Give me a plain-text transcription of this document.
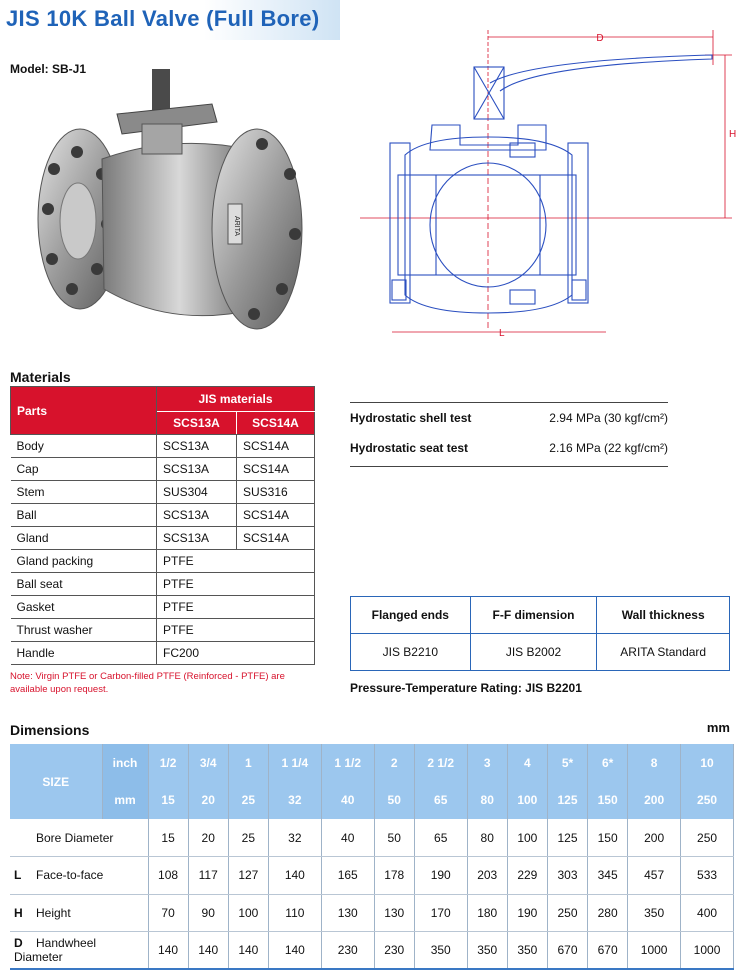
JIS 10K Ball Valve (Full Bore)
Model: SB-J1
ARITA
D
H
L
Materials
Parts	JIS materials	
	SCS13A	SCS14A
Body	SCS13A	SCS14A
Cap	SCS13A	SCS14A
Stem	SUS304	SUS316
Ball	SCS13A	SCS14A
Gland	SCS13A	SCS14A
Gland packing	PTFE	
Ball seat	PTFE	
Gasket	PTFE	
Thrust washer	PTFE	
Handle	FC200	
Note: Virgin PTFE or Carbon-filled PTFE (Reinforced - PTFE) are available upon request.
Hydrostatic shell test	2.94 MPa (30 kgf/cm²)
Hydrostatic seat test	2.16 MPa (22 kgf/cm²)
Flanged ends	F-F dimension	Wall thickness
JIS B2210	JIS B2002	ARITA Standard
Pressure-Temperature Rating: JIS B2201
Dimensions	mm
SIZE	inch	1/2	3/4	1	1 1/4	1 1/2	2	2 1/2	3	4	5*	6*	8	10
	mm	15	20	25	32	40	50	65	80	100	125	150	200	250
Bore Diameter		15	20	25	32	40	50	65	80	100	125	150	200	250
L Face-to-face		108	117	127	140	165	178	190	203	229	303	345	457	533
H Height		70	90	100	110	130	130	170	180	190	250	280	350	400
D Handwheel Diameter		140	140	140	140	230	230	350	350	350	670	670	1000	1000
